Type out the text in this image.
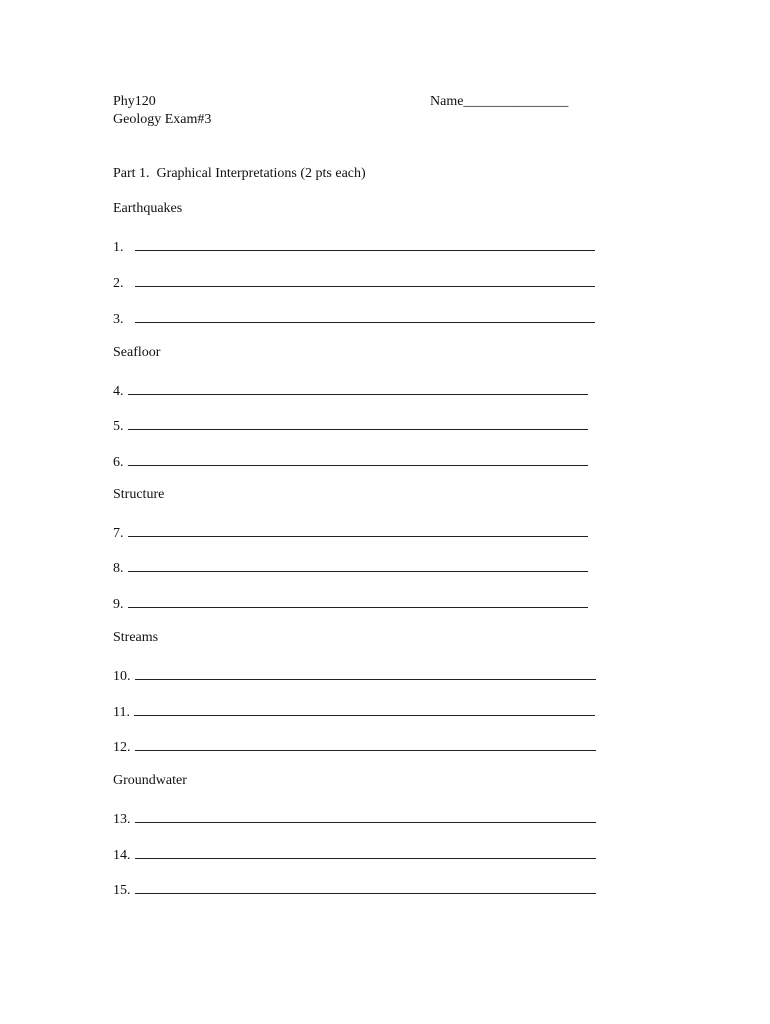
Phy120
Geology Exam#3
Name_______________
Part 1.  Graphical Interpretations (2 pts each)
Earthquakes
1.
2.
3.
Seafloor
4.
5.
6.
Structure
7.
8.
9.
Streams
10.
11.
12.
Groundwater
13.
14.
15.
